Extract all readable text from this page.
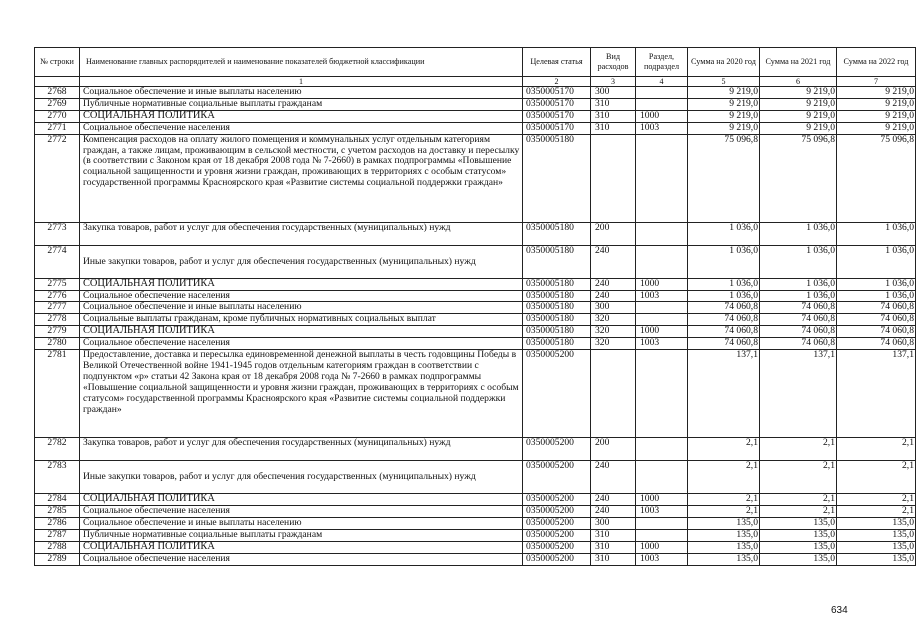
№ строки	Наименование главных распорядителей и наименование показателей бюджетной классификации	Целевая статья	Вид расходов	Раздел, подраздел	Сумма на 2020 год	Сумма на 2021 год	Сумма на 2022 год
	1	2	3	4	5	6	7
2768	Социальное обеспечение и иные выплаты населению	0350005170	300		9 219,0	9 219,0	9 219,0
2769	Публичные нормативные социальные выплаты гражданам	0350005170	310		9 219,0	9 219,0	9 219,0
2770	СОЦИАЛЬНАЯ ПОЛИТИКА	0350005170	310	1000	9 219,0	9 219,0	9 219,0
2771	Социальное обеспечение населения	0350005170	310	1003	9 219,0	9 219,0	9 219,0
2772	Компенсация расходов на оплату жилого помещения и коммунальных услуг отдельным категориям граждан, а также лицам, проживающим в сельской местности, с учетом расходов на доставку и пересылку (в соответствии с Законом края от 18 декабря 2008 года № 7-2660) в рамках подпрограммы «Повышение социальной защищенности и уровня жизни граждан, проживающих в территориях с особым статусом» государственной программы Красноярского края «Развитие системы социальной поддержки граждан»	0350005180			75 096,8	75 096,8	75 096,8
2773	Закупка товаров, работ и услуг для обеспечения государственных (муниципальных) нужд	0350005180	200		1 036,0	1 036,0	1 036,0
2774	Иные закупки товаров, работ и услуг для обеспечения государственных (муниципальных) нужд	0350005180	240		1 036,0	1 036,0	1 036,0
2775	СОЦИАЛЬНАЯ ПОЛИТИКА	0350005180	240	1000	1 036,0	1 036,0	1 036,0
2776	Социальное обеспечение населения	0350005180	240	1003	1 036,0	1 036,0	1 036,0
2777	Социальное обеспечение и иные выплаты населению	0350005180	300		74 060,8	74 060,8	74 060,8
2778	Социальные выплаты гражданам, кроме публичных нормативных социальных выплат	0350005180	320		74 060,8	74 060,8	74 060,8
2779	СОЦИАЛЬНАЯ ПОЛИТИКА	0350005180	320	1000	74 060,8	74 060,8	74 060,8
2780	Социальное обеспечение населения	0350005180	320	1003	74 060,8	74 060,8	74 060,8
2781	Предоставление, доставка и пересылка единовременной денежной выплаты в честь годовщины Победы в Великой Отечественной войне 1941-1945 годов отдельным категориям граждан в соответствии с подпунктом «р» статьи 42 Закона края от 18 декабря 2008 года № 7-2660 в рамках подпрограммы «Повышение социальной защищенности и уровня жизни граждан, проживающих в территориях с особым статусом» государственной программы Красноярского края «Развитие системы социальной поддержки граждан»	0350005200			137,1	137,1	137,1
2782	Закупка товаров, работ и услуг для обеспечения государственных (муниципальных) нужд	0350005200	200		2,1	2,1	2,1
2783	Иные закупки товаров, работ и услуг для обеспечения государственных (муниципальных) нужд	0350005200	240		2,1	2,1	2,1
2784	СОЦИАЛЬНАЯ ПОЛИТИКА	0350005200	240	1000	2,1	2,1	2,1
2785	Социальное обеспечение населения	0350005200	240	1003	2,1	2,1	2,1
2786	Социальное обеспечение и иные выплаты населению	0350005200	300		135,0	135,0	135,0
2787	Публичные нормативные социальные выплаты гражданам	0350005200	310		135,0	135,0	135,0
2788	СОЦИАЛЬНАЯ ПОЛИТИКА	0350005200	310	1000	135,0	135,0	135,0
2789	Социальное обеспечение населения	0350005200	310	1003	135,0	135,0	135,0
634
